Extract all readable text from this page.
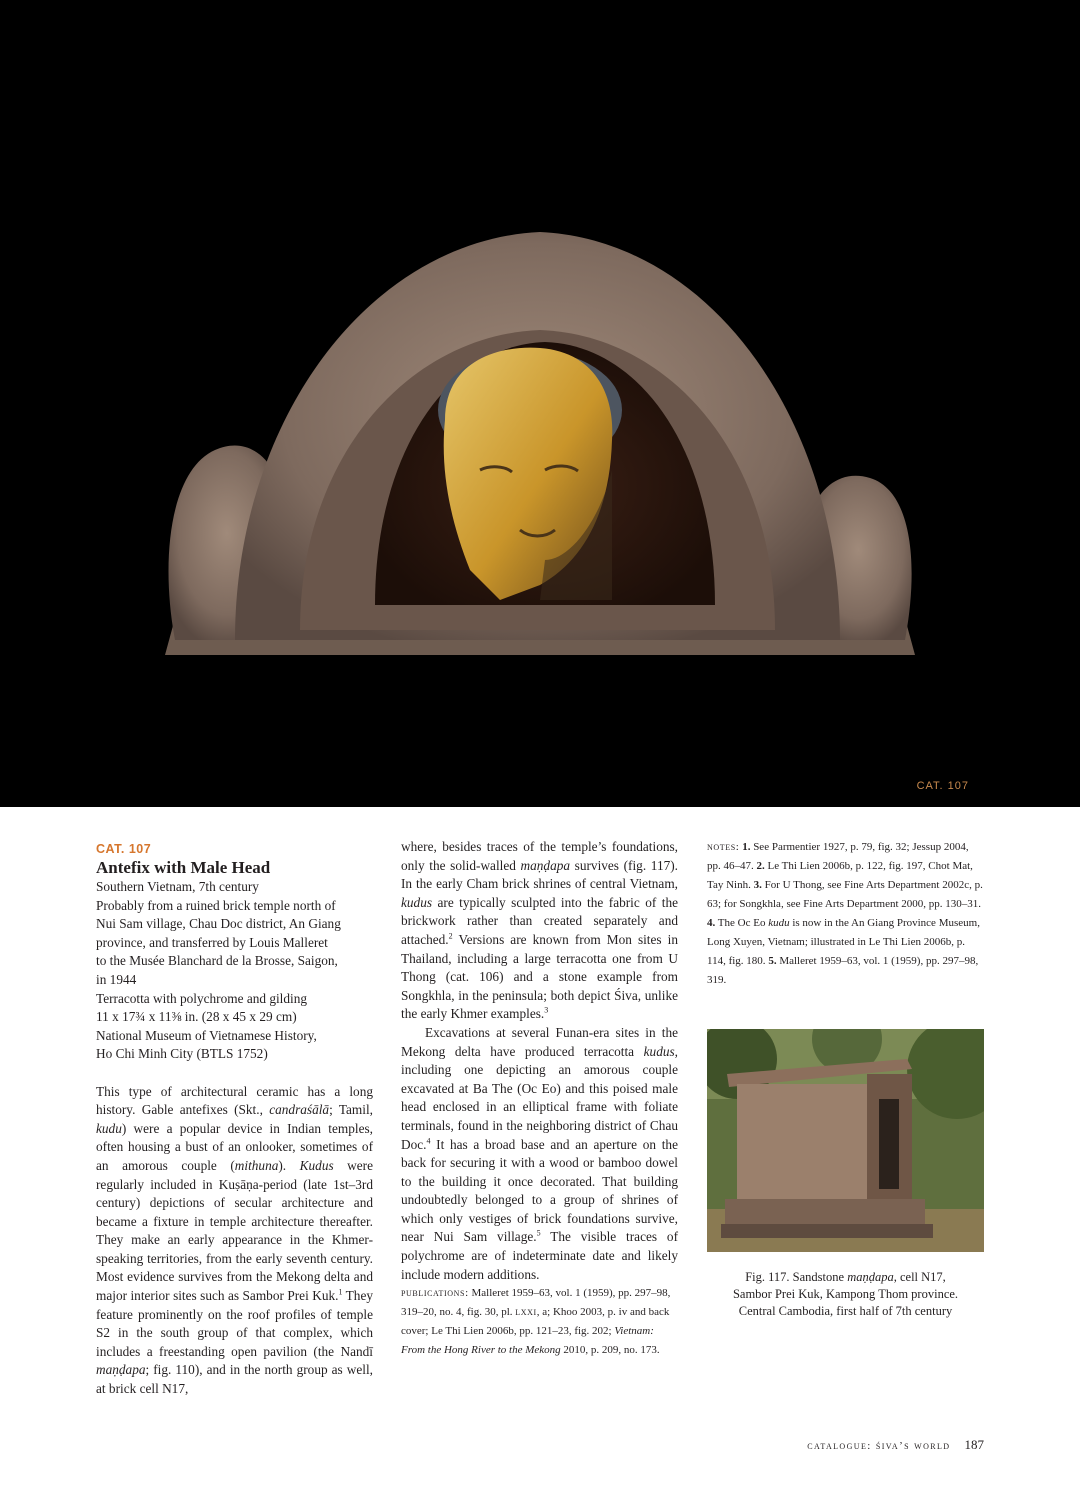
CAT. 107
CAT. 107
Antefix with Male Head
Southern Vietnam, 7th century
Probably from a ruined brick temple north of
Nui Sam village, Chau Doc district, An Giang
province, and transferred by Louis Malleret
to the Musée Blanchard de la Brosse, Saigon,
in 1944
Terracotta with polychrome and gilding
11 x 17¾ x 11⅜ in. (28 x 45 x 29 cm)
National Museum of Vietnamese History,
Ho Chi Minh City (BTLS 1752)

This type of architectural ceramic has a long history. Gable antefixes (Skt., candraśālā; Tamil, kudu) were a popular device in Indian temples, often housing a bust of an onlooker, sometimes of an amorous couple (mithuna). Kudus were regularly included in Kuṣāṇa-period (late 1st–3rd century) depictions of secular architecture and became a fixture in temple architecture thereafter. They make an early appearance in the Khmer-speaking territories, from the early seventh century. Most evidence survives from the Mekong delta and major interior sites such as Sambor Prei Kuk.$^1$ They feature prominently on the roof profiles of temple S2 in the south group of that complex, which includes a freestanding open pavilion (the Nandī maṇḍapa; fig. 110), and in the north group as well, at brick cell N17,

where, besides traces of the temple’s foundations, only the solid-walled maṇḍapa survives (fig. 117). In the early Cham brick shrines of central Vietnam, kudus are typically sculpted into the fabric of the brickwork rather than created separately and attached.$^2$ Versions are known from Mon sites in Thailand, including a large terracotta one from U Thong (cat. 106) and a stone example from Songkhla, in the peninsula; both depict Śiva, unlike the early Khmer examples.$^3$

Excavations at several Funan-era sites in the Mekong delta have produced terracotta kudus, including one depicting an amorous couple excavated at Ba The (Oc Eo) and this poised male head enclosed in an elliptical frame with foliate terminals, found in the neighboring district of Chau Doc.$^4$ It has a broad base and an aperture on the back for securing it with a wood or bamboo dowel to the building it once decorated. That building undoubtedly belonged to a group of shrines of which only vestiges of brick foundations survive, near Nui Sam village.$^5$ The visible traces of polychrome are of indeterminate date and likely include modern additions.

publications: Malleret 1959–63, vol. 1 (1959), pp. 297–98, 319–20, no. 4, fig. 30, pl. lxxi, a; Khoo 2003, p. iv and back cover; Le Thi Lien 2006b, pp. 121–23, fig. 202; Vietnam: From the Hong River to the Mekong 2010, p. 209, no. 173.

notes: 1. See Parmentier 1927, p. 79, fig. 32; Jessup 2004, pp. 46–47. 2. Le Thi Lien 2006b, p. 122, fig. 197, Chot Mat, Tay Ninh. 3. For U Thong, see Fine Arts Department 2002c, p. 63; for Songkhla, see Fine Arts Department 2000, pp. 130–31. 4. The Oc Eo kudu is now in the An Giang Province Museum, Long Xuyen, Vietnam; illustrated in Le Thi Lien 2006b, p. 114, fig. 180. 5. Malleret 1959–63, vol. 1 (1959), pp. 297–98, 319.

Fig. 117. Sandstone maṇḍapa, cell N17,
Sambor Prei Kuk, Kampong Thom province.
Central Cambodia, first half of 7th century
catalogue: śiva’s world 187
